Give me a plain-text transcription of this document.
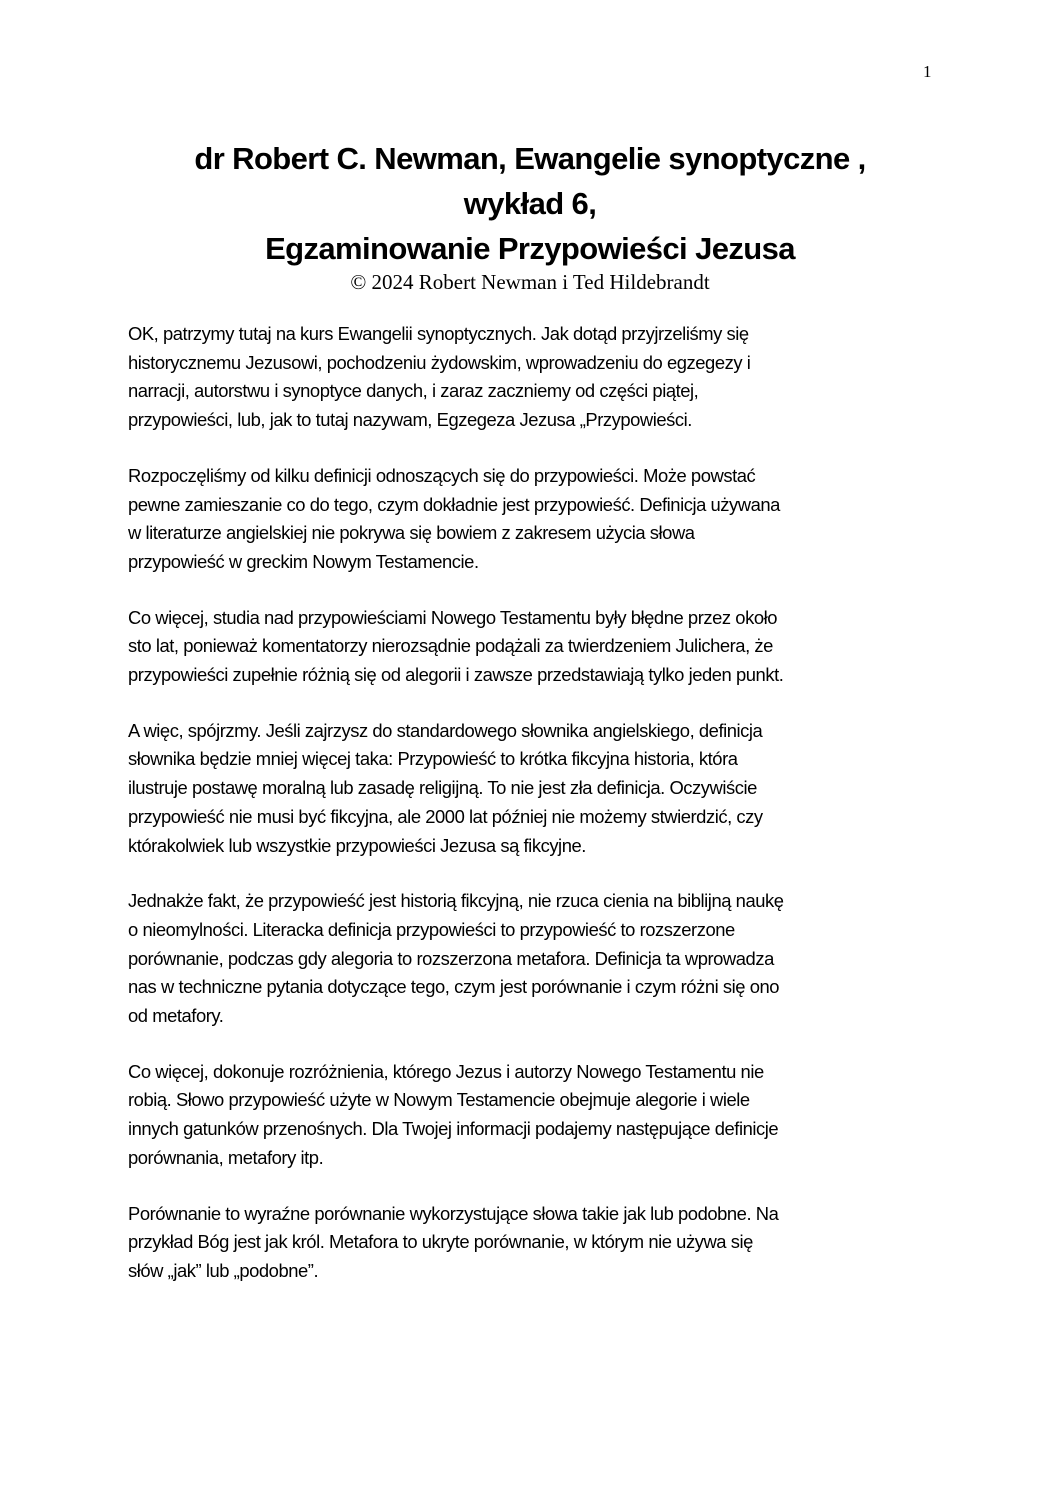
1
dr Robert C. Newman, Ewangelie synoptyczne ,
wykład 6,
Egzaminowanie Przypowieści Jezusa
© 2024 Robert Newman i Ted Hildebrandt
OK, patrzymy tutaj na kurs Ewangelii synoptycznych. Jak dotąd przyjrzeliśmy się
historycznemu Jezusowi, pochodzeniu żydowskim, wprowadzeniu do egzegezy i
narracji, autorstwu i synoptyce danych, i zaraz zaczniemy od części piątej,
przypowieści, lub, jak to tutaj nazywam, Egzegeza Jezusa „Przypowieści.
Rozpoczęliśmy od kilku definicji odnoszących się do przypowieści. Może powstać
pewne zamieszanie co do tego, czym dokładnie jest przypowieść. Definicja używana
w literaturze angielskiej nie pokrywa się bowiem z zakresem użycia słowa
przypowieść w greckim Nowym Testamencie.
Co więcej, studia nad przypowieściami Nowego Testamentu były błędne przez około
sto lat, ponieważ komentatorzy nierozsądnie podążali za twierdzeniem Julichera, że
przypowieści zupełnie różnią się od alegorii i zawsze przedstawiają tylko jeden punkt.
A więc, spójrzmy. Jeśli zajrzysz do standardowego słownika angielskiego, definicja
słownika będzie mniej więcej taka: Przypowieść to krótka fikcyjna historia, która
ilustruje postawę moralną lub zasadę religijną. To nie jest zła definicja. Oczywiście
przypowieść nie musi być fikcyjna, ale 2000 lat później nie możemy stwierdzić, czy
którakolwiek lub wszystkie przypowieści Jezusa są fikcyjne.
Jednakże fakt, że przypowieść jest historią fikcyjną, nie rzuca cienia na biblijną naukę
o nieomylności. Literacka definicja przypowieści to przypowieść to rozszerzone
porównanie, podczas gdy alegoria to rozszerzona metafora. Definicja ta wprowadza
nas w techniczne pytania dotyczące tego, czym jest porównanie i czym różni się ono
od metafory.
Co więcej, dokonuje rozróżnienia, którego Jezus i autorzy Nowego Testamentu nie
robią. Słowo przypowieść użyte w Nowym Testamencie obejmuje alegorie i wiele
innych gatunków przenośnych. Dla Twojej informacji podajemy następujące definicje
porównania, metafory itp.
Porównanie to wyraźne porównanie wykorzystujące słowa takie jak lub podobne. Na
przykład Bóg jest jak król. Metafora to ukryte porównanie, w którym nie używa się
słów „jak” lub „podobne”.
